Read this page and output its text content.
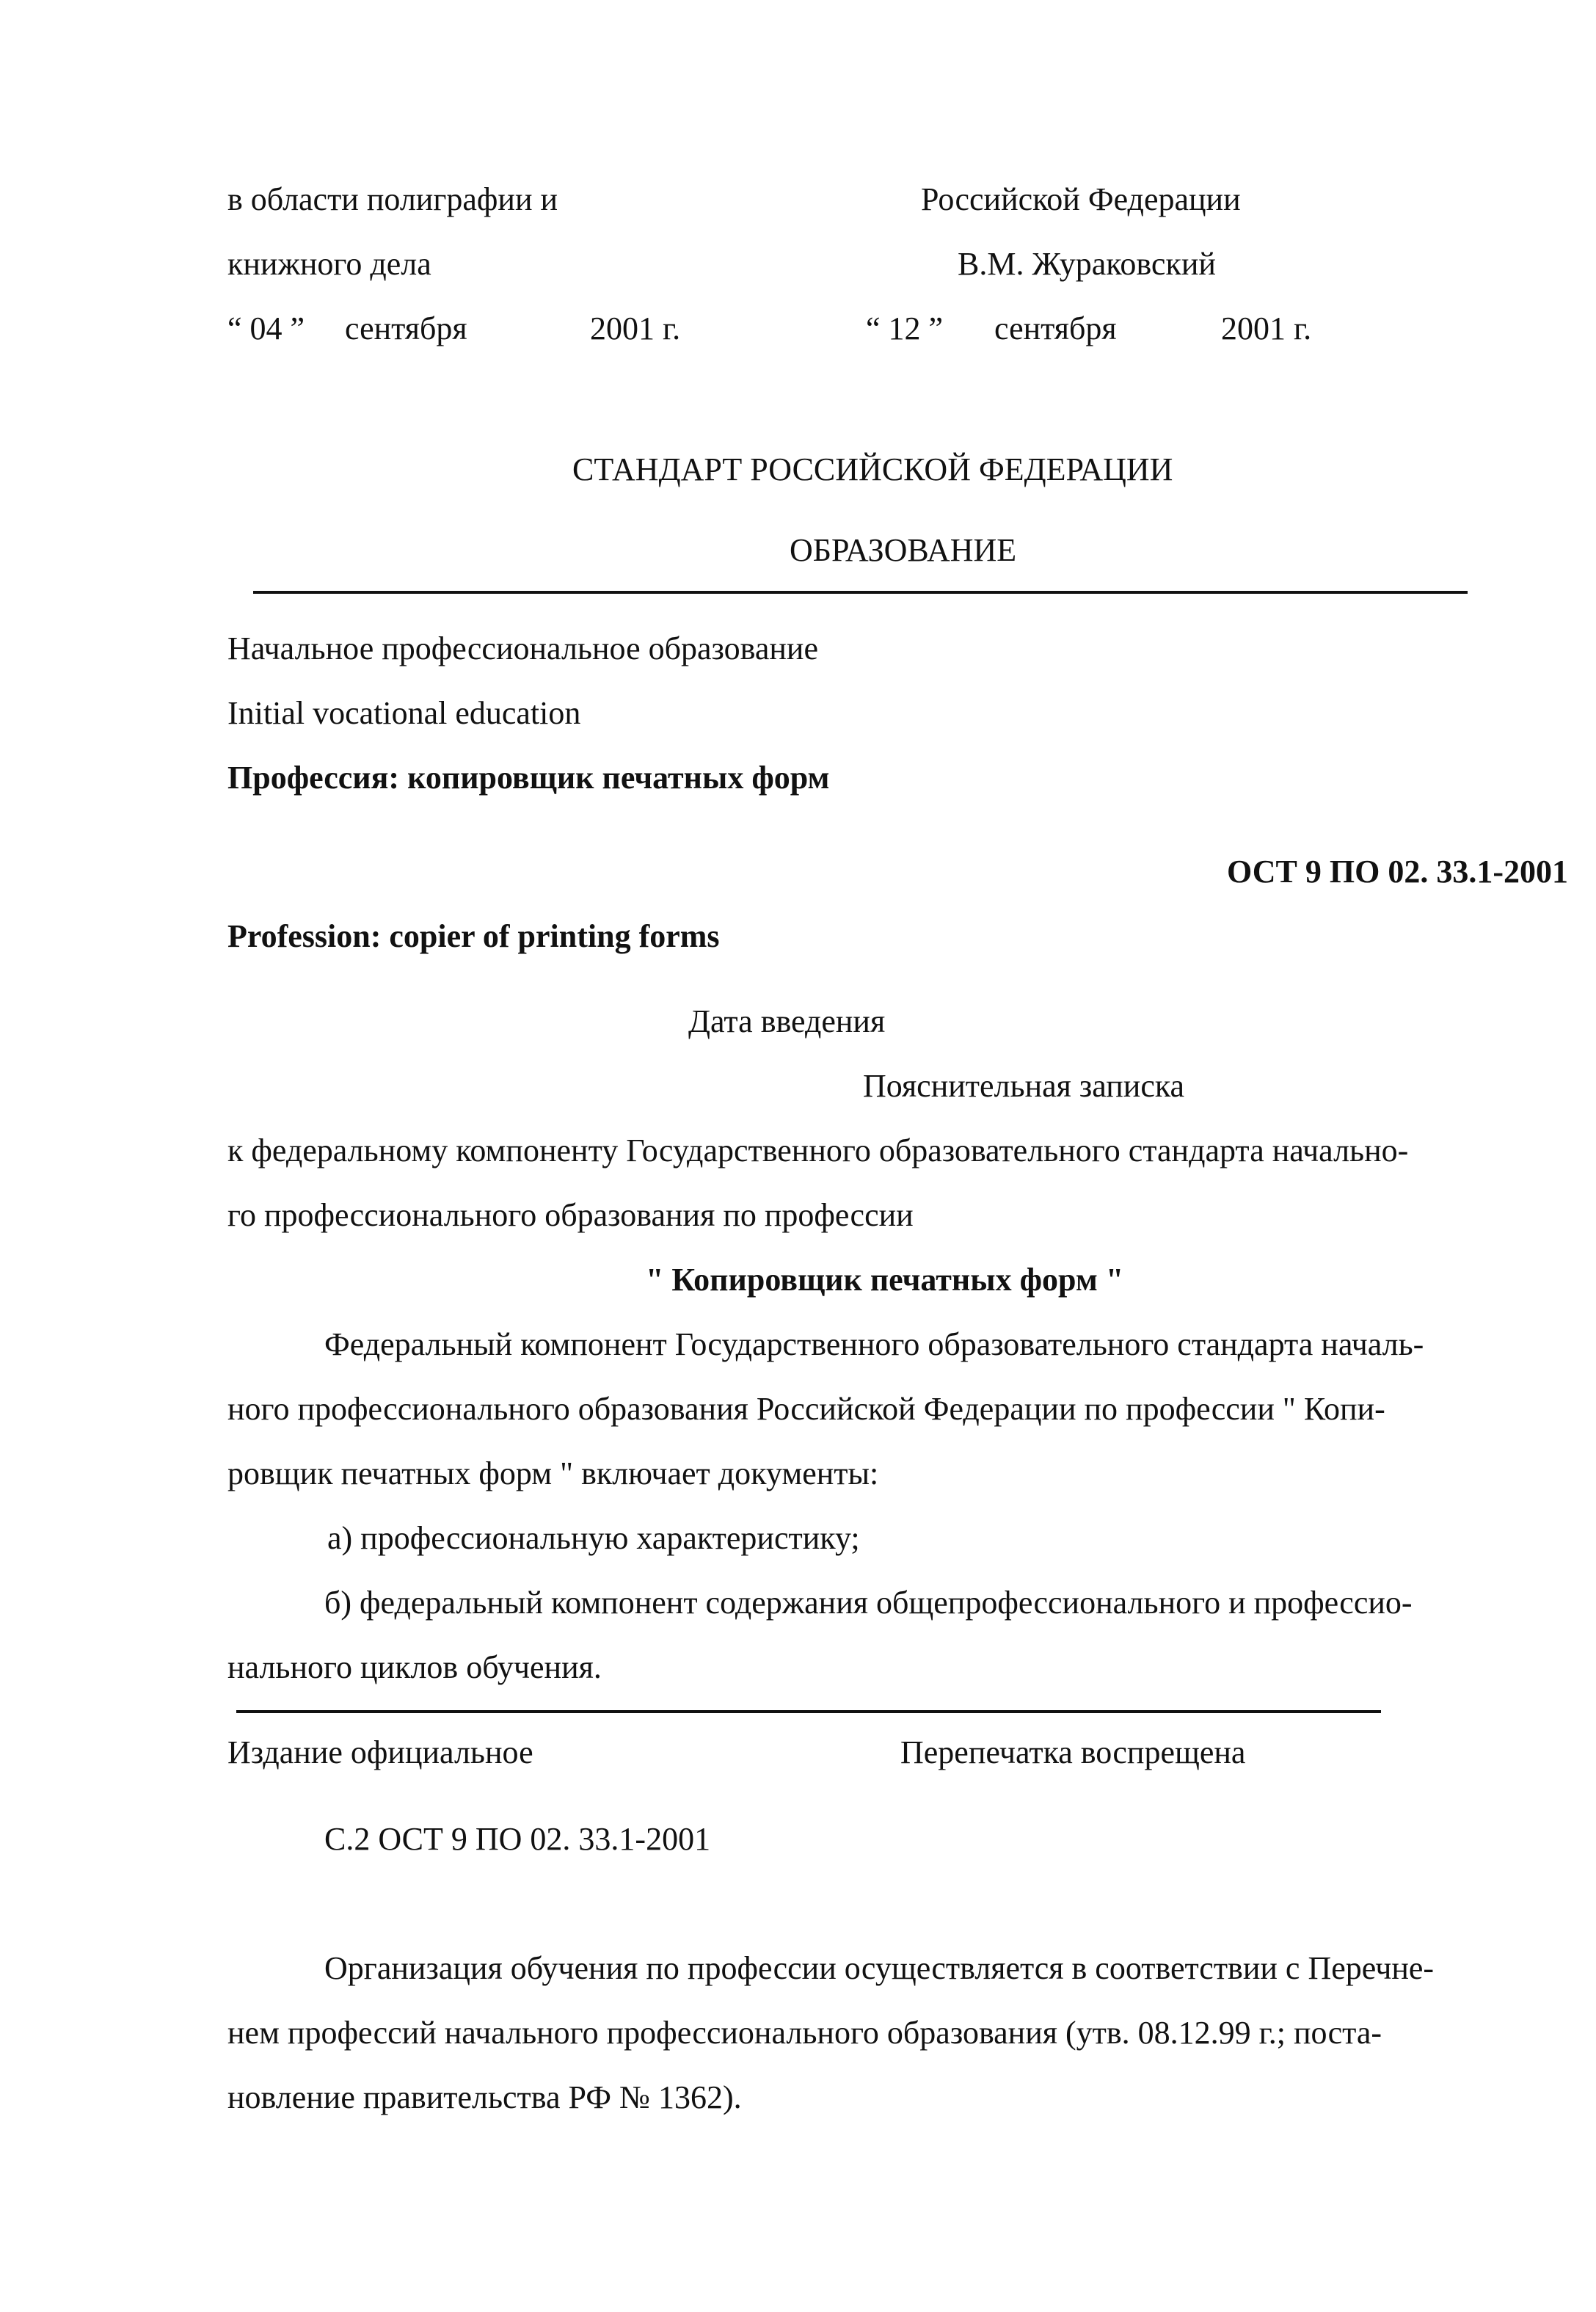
в области полиграфии и	Российской Федерации
книжного дела	В.М. Жураковский
“ 04 ” сентября	2001 г.	“ 12 ” сентября	2001 г.
СТАНДАРТ РОССИЙСКОЙ ФЕДЕРАЦИИ
ОБРАЗОВАНИЕ
Начальное профессиональное образование
Initial vocational education
Профессия: копировщик печатных форм
ОСТ 9 ПО 02. 33.1-2001
Profession: copier of printing forms
Дата введения
Пояснительная записка
к федеральному компоненту Государственного образовательного стандарта начально-
го профессионального образования по профессии
" Копировщик печатных форм "
Федеральный компонент Государственного образовательного стандарта началь-
ного профессионального образования Российской Федерации по профессии " Копи-
ровщик печатных форм " включает документы:
а) профессиональную характеристику;
б) федеральный компонент содержания общепрофессионального и профессио-
нального циклов обучения.
Издание официальное	Перепечатка воспрещена
С.2 ОСТ 9 ПО 02. 33.1-2001
Организация обучения по профессии осуществляется в соответствии с Перечне-
нем профессий начального профессионального образования (утв. 08.12.99 г.; поста-
новление правительства РФ № 1362).
